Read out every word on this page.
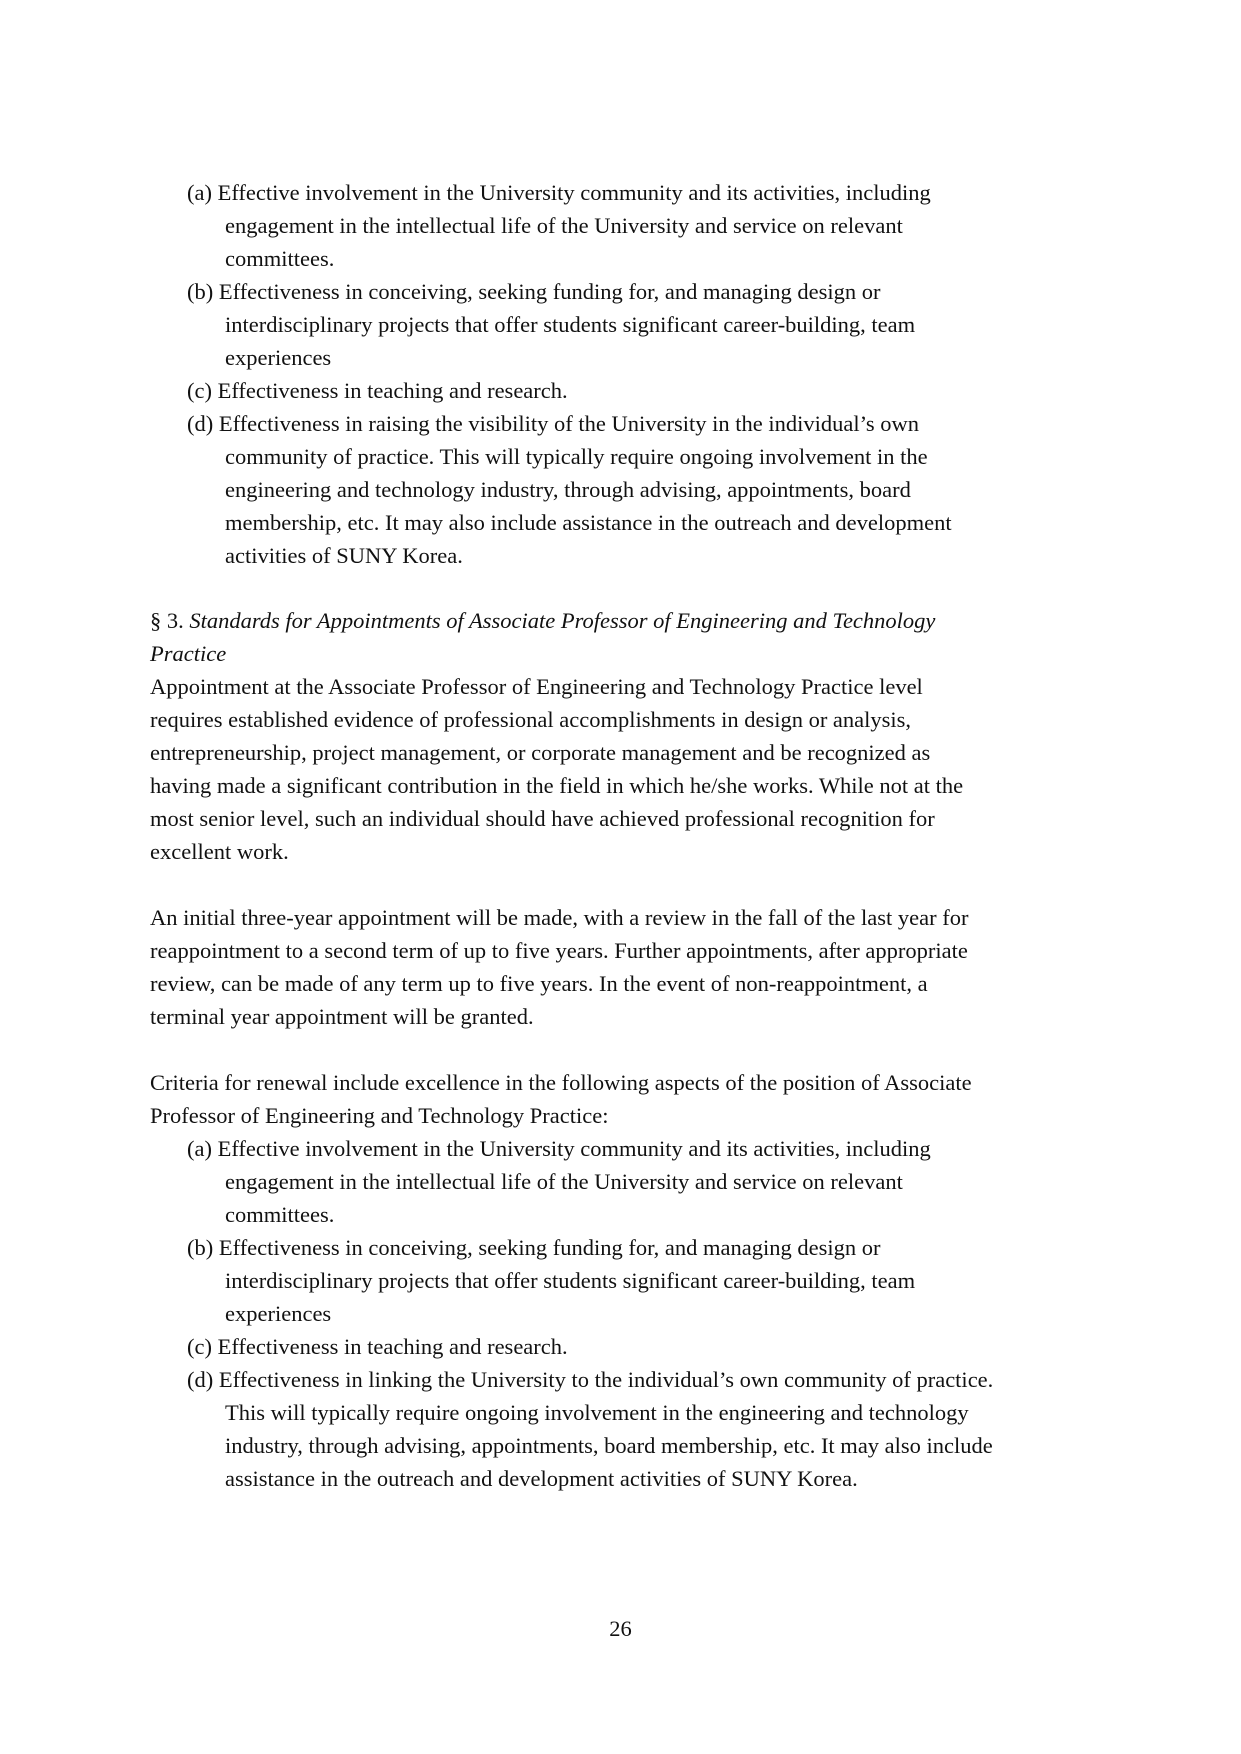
(a) Effective involvement in the University community and its activities, including
engagement in the intellectual life of the University and service on relevant
committees.
(b) Effectiveness in conceiving, seeking funding for, and managing design or
interdisciplinary projects that offer students significant career-building, team
experiences
(c) Effectiveness in teaching and research.
(d) Effectiveness in raising the visibility of the University in the individual’s own
community of practice. This will typically require ongoing involvement in the
engineering and technology industry, through advising, appointments, board
membership, etc. It may also include assistance in the outreach and development
activities of SUNY Korea.
§ 3. Standards for Appointments of Associate Professor of Engineering and Technology
Practice
Appointment at the Associate Professor of Engineering and Technology Practice level
requires established evidence of professional accomplishments in design or analysis,
entrepreneurship, project management, or corporate management and be recognized as
having made a significant contribution in the field in which he/she works. While not at the
most senior level, such an individual should have achieved professional recognition for
excellent work.
An initial three-year appointment will be made, with a review in the fall of the last year for
reappointment to a second term of up to five years. Further appointments, after appropriate
review, can be made of any term up to five years. In the event of non-reappointment, a
terminal year appointment will be granted.
Criteria for renewal include excellence in the following aspects of the position of Associate
Professor of Engineering and Technology Practice:
(a) Effective involvement in the University community and its activities, including
engagement in the intellectual life of the University and service on relevant
committees.
(b) Effectiveness in conceiving, seeking funding for, and managing design or
interdisciplinary projects that offer students significant career-building, team
experiences
(c) Effectiveness in teaching and research.
(d) Effectiveness in linking the University to the individual’s own community of practice.
This will typically require ongoing involvement in the engineering and technology
industry, through advising, appointments, board membership, etc. It may also include
assistance in the outreach and development activities of SUNY Korea.
26
